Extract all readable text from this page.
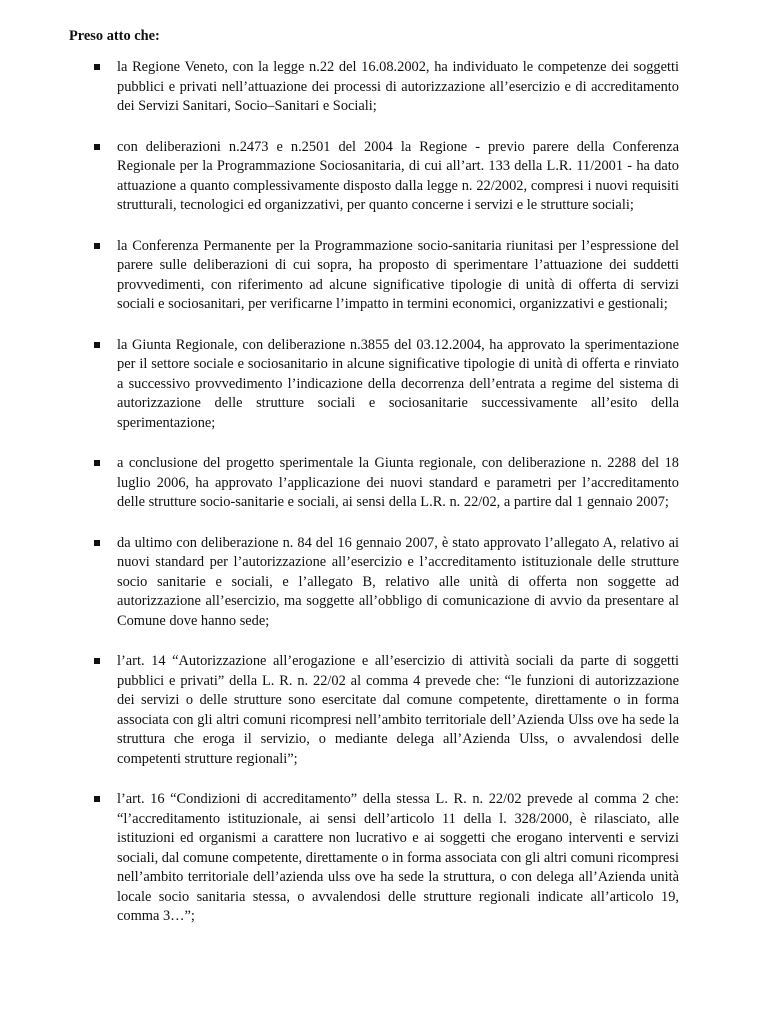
Preso atto che:
la Regione Veneto, con la legge n.22 del 16.08.2002, ha individuato le competenze dei soggetti pubblici e privati nell’attuazione dei processi di autorizzazione all’esercizio e di accreditamento dei Servizi Sanitari, Socio–Sanitari e Sociali;
con deliberazioni n.2473 e n.2501 del 2004 la Regione - previo parere della Conferenza Regionale per la Programmazione Sociosanitaria, di cui all’art. 133 della L.R. 11/2001 - ha dato attuazione a quanto complessivamente disposto dalla legge n. 22/2002, compresi i nuovi requisiti strutturali, tecnologici ed organizzativi, per quanto concerne i servizi e le strutture sociali;
la Conferenza Permanente per la Programmazione socio-sanitaria riunitasi per l’espressione del parere sulle deliberazioni di cui sopra, ha proposto di sperimentare l’attuazione dei suddetti provvedimenti, con riferimento ad alcune significative tipologie di unità di offerta di servizi sociali e sociosanitari, per verificarne l’impatto in termini economici, organizzativi e gestionali;
la Giunta Regionale, con deliberazione n.3855 del 03.12.2004, ha approvato la sperimentazione per il settore sociale e sociosanitario in alcune significative tipologie di unità di offerta e rinviato a successivo provvedimento l’indicazione della decorrenza dell’entrata a regime del sistema di autorizzazione delle strutture sociali e sociosanitarie successivamente all’esito della sperimentazione;
a conclusione del progetto sperimentale la Giunta regionale, con deliberazione n. 2288 del 18 luglio 2006, ha approvato l’applicazione dei nuovi standard e parametri per l’accreditamento delle strutture socio-sanitarie e sociali, ai sensi della L.R. n. 22/02, a partire dal 1 gennaio 2007;
da ultimo con deliberazione n. 84 del 16 gennaio 2007, è stato approvato l’allegato A, relativo ai nuovi standard per l’autorizzazione all’esercizio e l’accreditamento istituzionale delle strutture socio sanitarie e sociali, e l’allegato B, relativo alle unità di offerta non soggette ad autorizzazione all’esercizio, ma soggette all’obbligo di comunicazione di avvio da presentare al Comune dove hanno sede;
l’art. 14 “Autorizzazione all’erogazione e all’esercizio di attività sociali da parte di soggetti pubblici e privati” della L. R. n. 22/02 al comma 4 prevede che: “le funzioni di autorizzazione dei servizi o delle strutture sono esercitate dal comune competente, direttamente o in forma associata con gli altri comuni ricompresi nell’ambito territoriale dell’Azienda Ulss ove ha sede la struttura che eroga il servizio, o mediante delega all’Azienda Ulss, o avvalendosi delle competenti strutture regionali”;
l’art. 16 “Condizioni di accreditamento” della stessa L. R. n. 22/02 prevede al comma 2 che: “l’accreditamento istituzionale, ai sensi dell’articolo 11 della l. 328/2000, è rilasciato, alle istituzioni ed organismi a carattere non lucrativo e ai soggetti che erogano interventi e servizi sociali, dal comune competente, direttamente o in forma associata con gli altri comuni ricompresi nell’ambito territoriale dell’azienda ulss ove ha sede la struttura, o con delega all’Azienda unità locale socio sanitaria stessa, o avvalendosi delle strutture regionali indicate all’articolo 19, comma 3…”;
